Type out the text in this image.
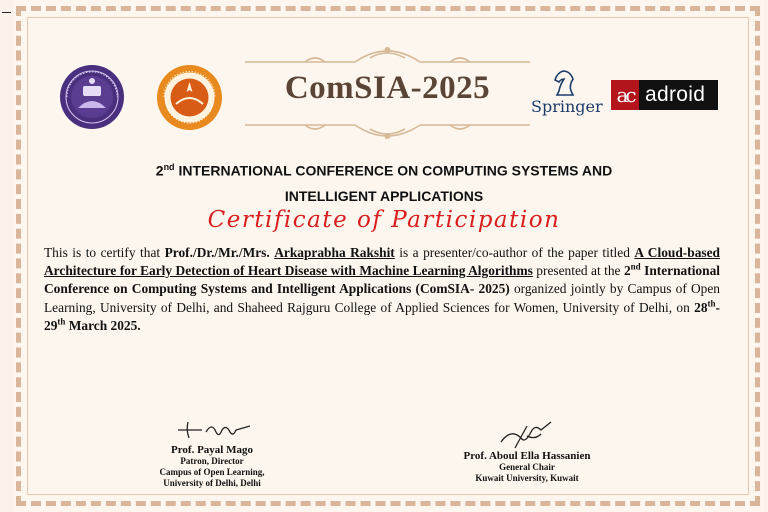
ComSIA-2025
Springer ac adroid
2nd INTERNATIONAL CONFERENCE ON COMPUTING SYSTEMS AND
INTELLIGENT APPLICATIONS
Certificate of Participation
This is to certify that Prof./Dr./Mr./Mrs. Arkaprabha Rakshit is a presenter/co-author of the paper titled A Cloud-based Architecture for Early Detection of Heart Disease with Machine Learning Algorithms presented at the 2nd International Conference on Computing Systems and Intelligent Applications (ComSIA- 2025) organized jointly by Campus of Open Learning, University of Delhi, and Shaheed Rajguru College of Applied Sciences for Women, University of Delhi, on 28th-29th March 2025.
Prof. Payal Mago
Patron, Director
Campus of Open Learning,
University of Delhi, Delhi
Prof. Aboul Ella Hassanien
General Chair
Kuwait University, Kuwait
